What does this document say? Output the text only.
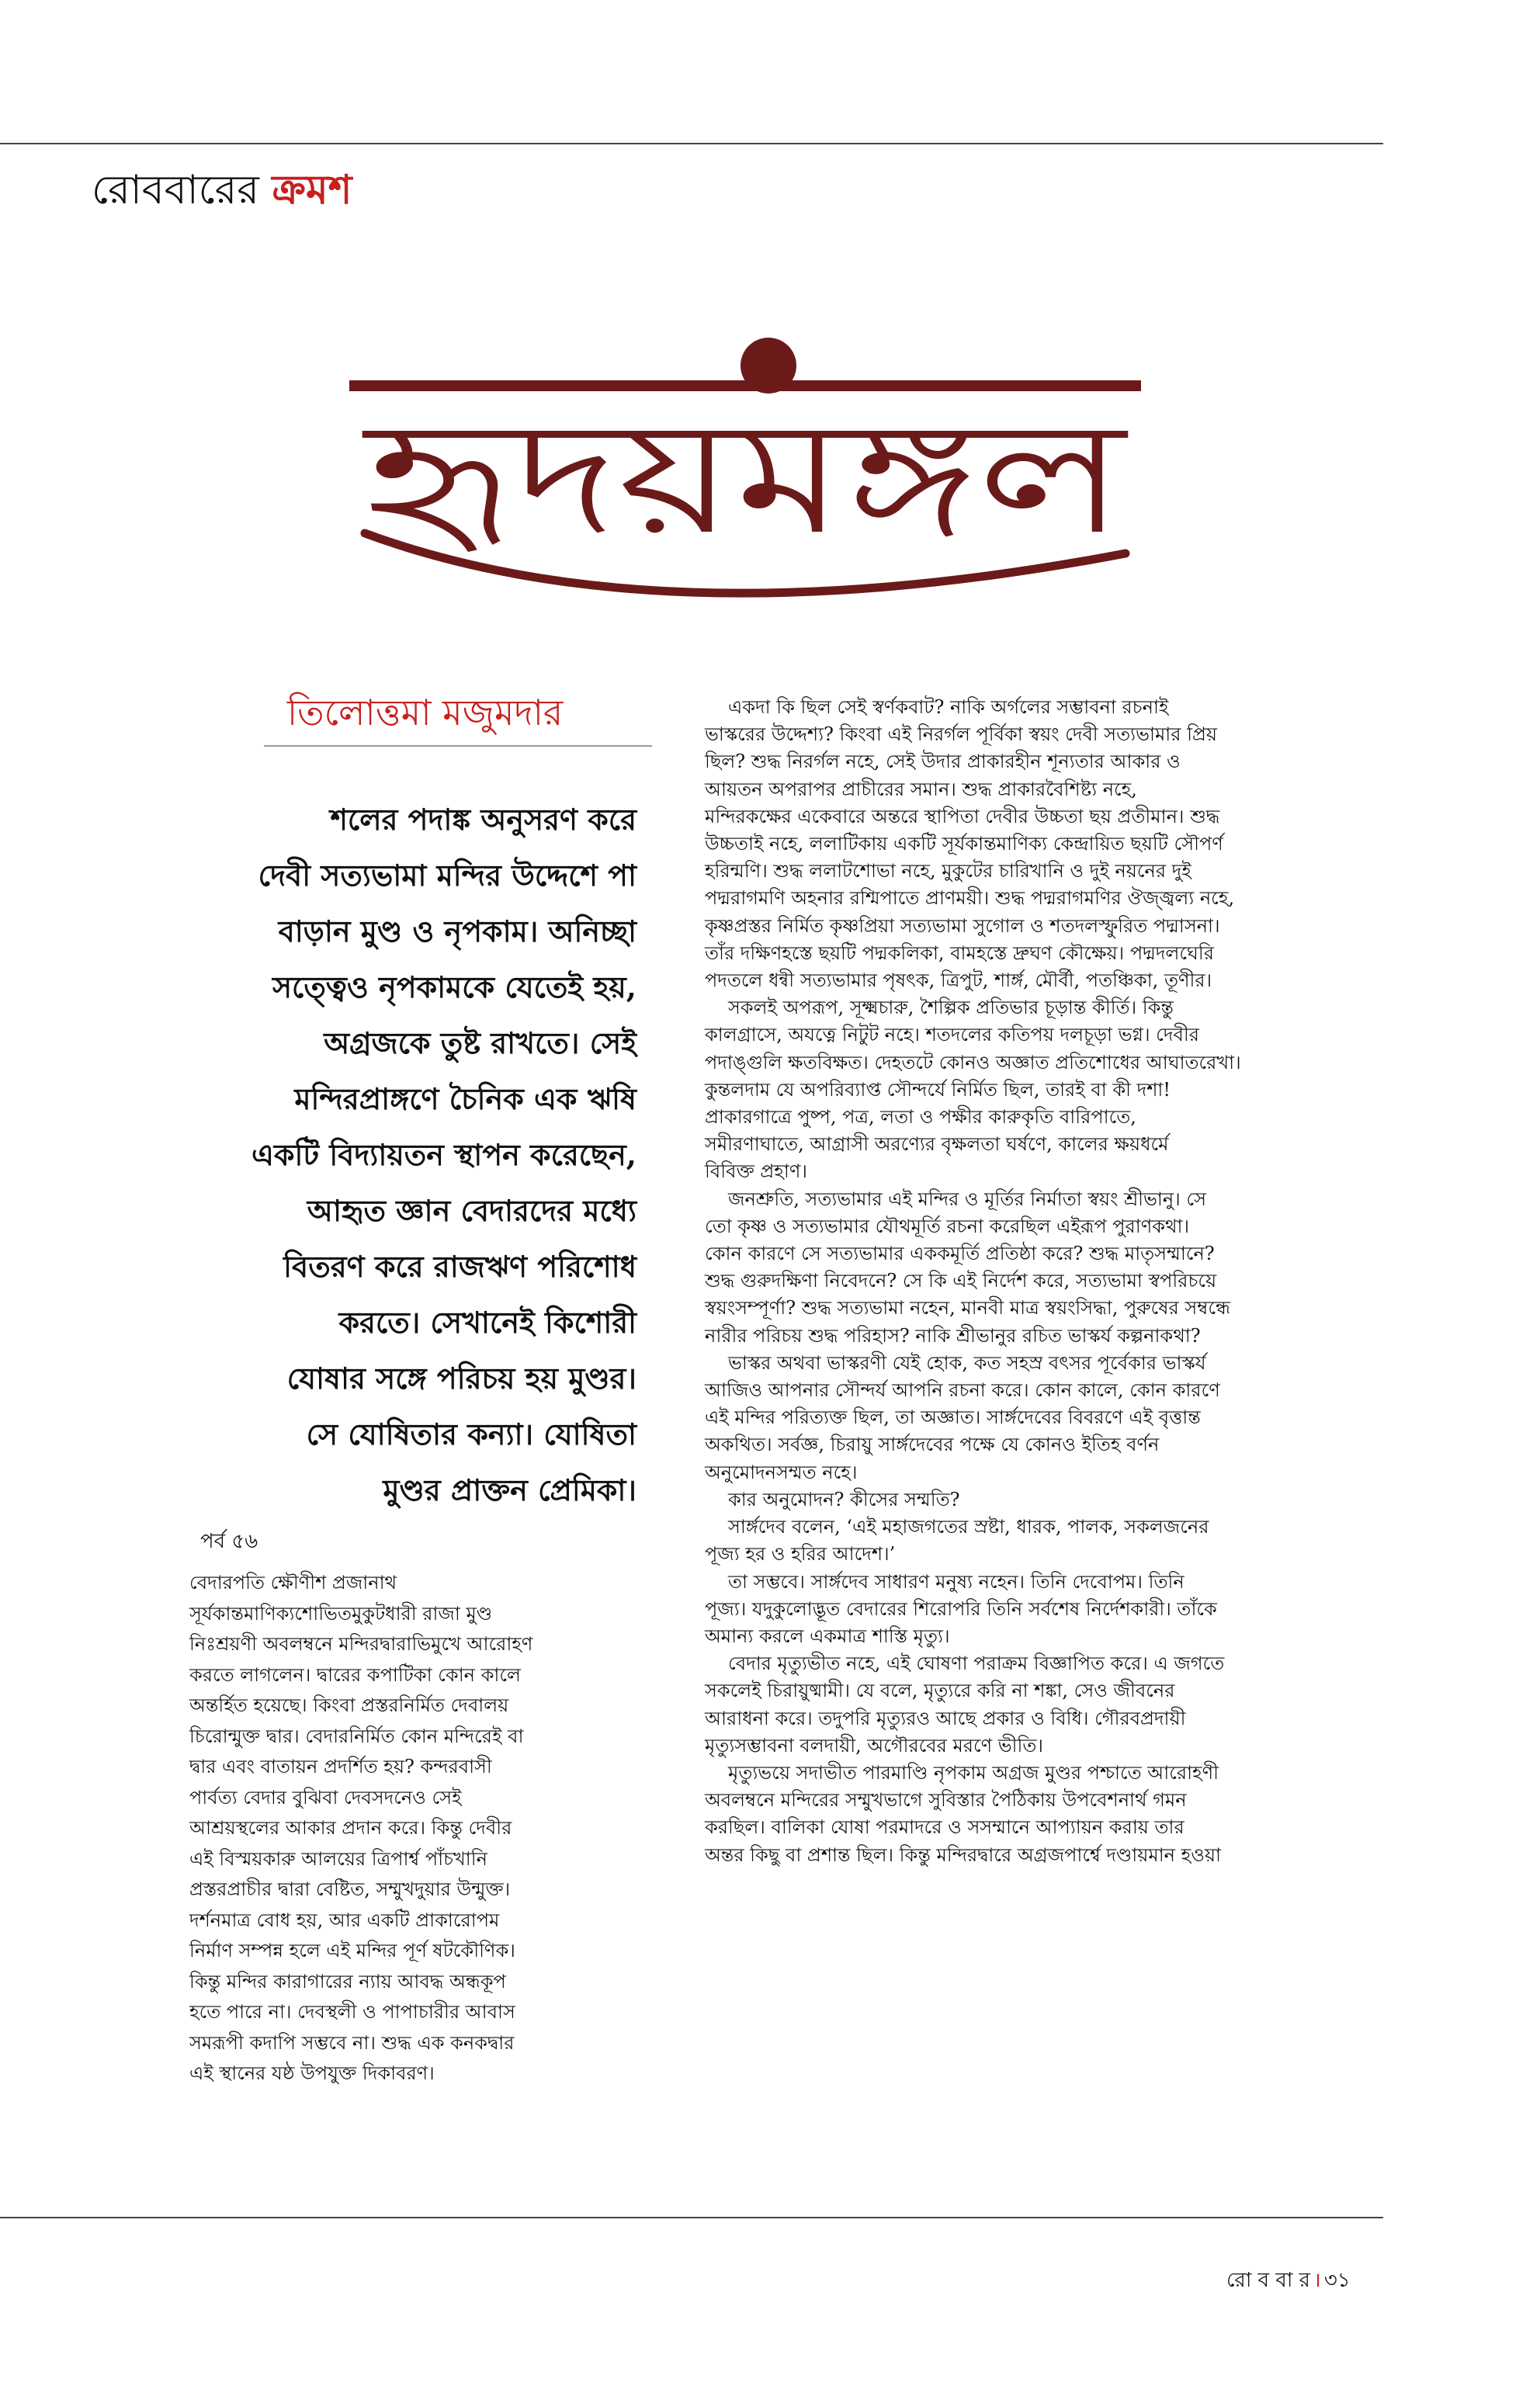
রোববারের ক্রমশ
হৃদয়মঙ্গল
তিলোত্তমা মজুমদার

শলের পদাঙ্ক অনুসরণ করে

দেবী সত্যভামা মন্দির উদ্দেশে পা

বাড়ান মুণ্ড ও নৃপকাম। অনিচ্ছা

সত্ত্বেও নৃপকামকে যেতেই হয়,

অগ্রজকে তুষ্ট রাখতে। সেই

মন্দিরপ্রাঙ্গণে চৈনিক এক ঋষি

একটি বিদ্যায়তন স্থাপন করেছেন,

আহৃত জ্ঞান বেদারদের মধ্যে

বিতরণ করে রাজঋণ পরিশোধ

করতে। সেখানেই কিশোরী

যোষার সঙ্গে পরিচয় হয় মুণ্ডর।

সে যোষিতার কন্যা। যোষিতা

মুণ্ডর প্রাক্তন প্রেমিকা।

পর্ব ৫৬

বেদারপতি ক্ষৌণীশ প্রজানাথ

সূর্যকান্তমাণিক্যশোভিতমুকুটধারী রাজা মুণ্ড

নিঃশ্রয়ণী অবলম্বনে মন্দিরদ্বারাভিমুখে আরোহণ

করতে লাগলেন। দ্বারের কপাটিকা কোন কালে

অন্তর্হিত হয়েছে। কিংবা প্রস্তরনির্মিত দেবালয়

চিরোন্মুক্ত দ্বার। বেদারনির্মিত কোন মন্দিরেই বা

দ্বার এবং বাতায়ন প্রদর্শিত হয়? কন্দরবাসী

পার্বত্য বেদার বুঝিবা দেবসদনেও সেই

আশ্রয়স্থলের আকার প্রদান করে। কিন্তু দেবীর

এই বিস্ময়কারু আলয়ের ত্রিপার্শ্ব পাঁচখানি

প্রস্তরপ্রাচীর দ্বারা বেষ্টিত, সম্মুখদুয়ার উন্মুক্ত।

দর্শনমাত্র বোধ হয়, আর একটি প্রাকারোপম

নির্মাণ সম্পন্ন হলে এই মন্দির পূর্ণ ষটকৌণিক।

কিন্তু মন্দির কারাগারের ন্যায় আবদ্ধ অন্ধকূপ

হতে পারে না। দেবস্থলী ও পাপাচারীর আবাস

সমরূপী কদাপি সম্ভবে না। শুদ্ধ এক কনকদ্বার

এই স্থানের যষ্ঠ উপযুক্ত দিকাবরণ।

একদা কি ছিল সেই স্বর্ণকবাট? নাকি অর্গলের সম্ভাবনা রচনাই

ভাস্করের উদ্দেশ্য? কিংবা এই নিরর্গল পূর্বিকা স্বয়ং দেবী সত্যভামার প্রিয়

ছিল? শুদ্ধ নিরর্গল নহে, সেই উদার প্রাকারহীন শূন্যতার আকার ও

আয়তন অপরাপর প্রাচীরের সমান। শুদ্ধ প্রাকারবৈশিষ্ট্য নহে,

মন্দিরকক্ষের একেবারে অন্তরে স্থাপিতা দেবীর উচ্চতা ছয় প্রতীমান। শুদ্ধ

উচ্চতাই নহে, ললাটিকায় একটি সূর্যকান্তমাণিক্য কেন্দ্রায়িত ছয়টি সৌপর্ণ

হরিন্মণি। শুদ্ধ ললাটশোভা নহে, মুকুটের চারিখানি ও দুই নয়নের দুই

পদ্মরাগমণি অহনার রশ্মিপাতে প্রাণময়ী। শুদ্ধ পদ্মরাগমণির ঔজ্জ্বল্য নহে,

কৃষ্ণপ্রস্তর নির্মিত কৃষ্ণপ্রিয়া সত্যভামা সুগোল ও শতদলস্ফুরিত পদ্মাসনা।

তাঁর দক্ষিণহস্তে ছয়টি পদ্মকলিকা, বামহস্তে দ্রুঘণ কৌক্ষেয়। পদ্মদলঘেরি

পদতলে ধন্বী সত্যভামার পৃষৎক, ত্রিপুট, শার্ঙ্গ, মৌর্বী, পতঞ্চিকা, তূণীর।

সকলই অপরূপ, সূক্ষ্মচারু, শৈল্পিক প্রতিভার চূড়ান্ত কীর্তি। কিন্তু

কালগ্রাসে, অযত্নে নিটুট নহে। শতদলের কতিপয় দলচূড়া ভগ্ন। দেবীর

পদাঙ্গুলি ক্ষতবিক্ষত। দেহতটে কোনও অজ্ঞাত প্রতিশোধের আঘাতরেখা।

কুন্তলদাম যে অপরিব্যাপ্ত সৌন্দর্যে নির্মিত ছিল, তারই বা কী দশা!

প্রাকারগাত্রে পুষ্প, পত্র, লতা ও পক্ষীর কারুকৃতি বারিপাতে,

সমীরণাঘাতে, আগ্রাসী অরণ্যের বৃক্ষলতা ঘর্ষণে, কালের ক্ষয়ধর্মে

বিবিক্ত প্রহাণ।

জনশ্রুতি, সত্যভামার এই মন্দির ও মূর্তির নির্মাতা স্বয়ং শ্রীভানু। সে

তো কৃষ্ণ ও সত্যভামার যৌথমূর্তি রচনা করেছিল এইরূপ পুরাণকথা।

কোন কারণে সে সত্যভামার এককমূর্তি প্রতিষ্ঠা করে? শুদ্ধ মাতৃসম্মানে?

শুদ্ধ গুরুদক্ষিণা নিবেদনে? সে কি এই নির্দেশ করে, সত্যভামা স্বপরিচয়ে

স্বয়ংসম্পূর্ণা? শুদ্ধ সত্যভামা নহেন, মানবী মাত্র স্বয়ংসিদ্ধা, পুরুষের সম্বন্ধে

নারীর পরিচয় শুদ্ধ পরিহাস? নাকি শ্রীভানুর রচিত ভাস্কর্য কল্পনাকথা?

ভাস্কর অথবা ভাস্করণী যেই হোক, কত সহস্র বৎসর পূর্বেকার ভাস্কর্য

আজিও আপনার সৌন্দর্য আপনি রচনা করে। কোন কালে, কোন কারণে

এই মন্দির পরিত্যক্ত ছিল, তা অজ্ঞাত। সার্ঙ্গদেবের বিবরণে এই বৃত্তান্ত

অকথিত। সর্বজ্ঞ, চিরায়ু সার্ঙ্গদেবের পক্ষে যে কোনও ইতিহ বর্ণন

অনুমোদনসম্মত নহে।

কার অনুমোদন? কীসের সম্মতি?

সার্ঙ্গদেব বলেন, ‘এই মহাজগতের স্রষ্টা, ধারক, পালক, সকলজনের

পূজ্য হর ও হরির আদেশ।’

তা সম্ভবে। সার্ঙ্গদেব সাধারণ মনুষ্য নহেন। তিনি দেবোপম। তিনি

পূজ্য। যদুকুলোদ্ভূত বেদারের শিরোপরি তিনি সর্বশেষ নির্দেশকারী। তাঁকে

অমান্য করলে একমাত্র শাস্তি মৃত্যু।

বেদার মৃত্যুভীত নহে, এই ঘোষণা পরাক্রম বিজ্ঞাপিত করে। এ জগতে

সকলেই চিরায়ুষ্মামী। যে বলে, মৃত্যুরে করি না শঙ্কা, সেও জীবনের

আরাধনা করে। তদুপরি মৃত্যুরও আছে প্রকার ও বিধি। গৌরবপ্রদায়ী

মৃত্যুসম্ভাবনা বলদায়ী, অগৌরবের মরণে ভীতি।

মৃত্যুভয়ে সদাভীত পারমাণ্ডি নৃপকাম অগ্রজ মুণ্ডর পশ্চাতে আরোহণী

অবলম্বনে মন্দিরের সম্মুখভাগে সুবিস্তার পৈঠিকায় উপবেশনার্থ গমন

করছিল। বালিকা যোষা পরমাদরে ও সসম্মানে আপ্যায়ন করায় তার

অন্তর কিছু বা প্রশান্ত ছিল। কিন্তু মন্দিরদ্বারে অগ্রজপার্শ্বে দণ্ডায়মান হওয়া

রো ব বা র । ৩১
